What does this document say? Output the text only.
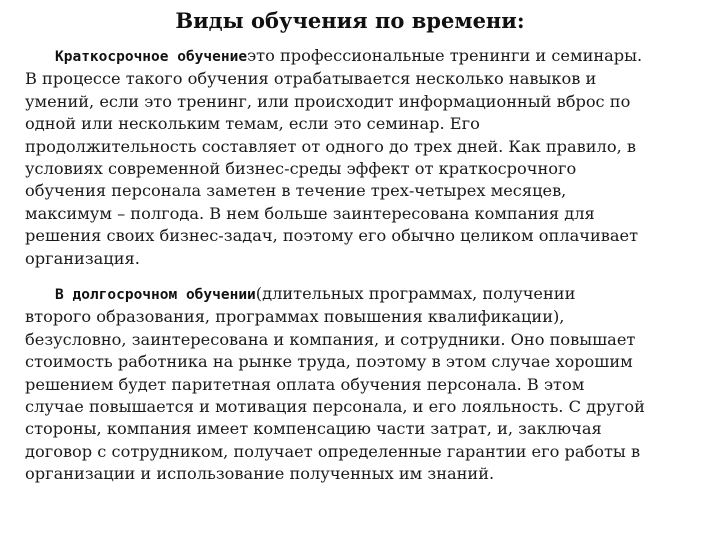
Виды обучения по времени:

Краткосрочное обучениеэто профессиональные тренинги и семинары. В процессе такого обучения отрабатывается несколько навыков и умений, если это тренинг, или происходит информационный вброс по одной или нескольким темам, если это семинар. Его продолжительность составляет от одного до трех дней. Как правило, в условиях современной бизнес-среды эффект от краткосрочного обучения персонала заметен в течение трех-четырех месяцев, максимум – полгода. В нем больше заинтересована компания для решения своих бизнес-задач, поэтому его обычно целиком оплачивает организация.

В долгосрочном обучении(длительных программах, получении второго образования, программах повышения квалификации), безусловно, заинтересована и компания, и сотрудники. Оно повышает стоимость работника на рынке труда, поэтому в этом случае хорошим решением будет паритетная оплата обучения персонала. В этом случае повышается и мотивация персонала, и его лояльность. С другой стороны, компания имеет компенсацию части затрат, и, заключая договор с сотрудником, получает определенные гарантии его работы в организации и использование полученных им знаний.
